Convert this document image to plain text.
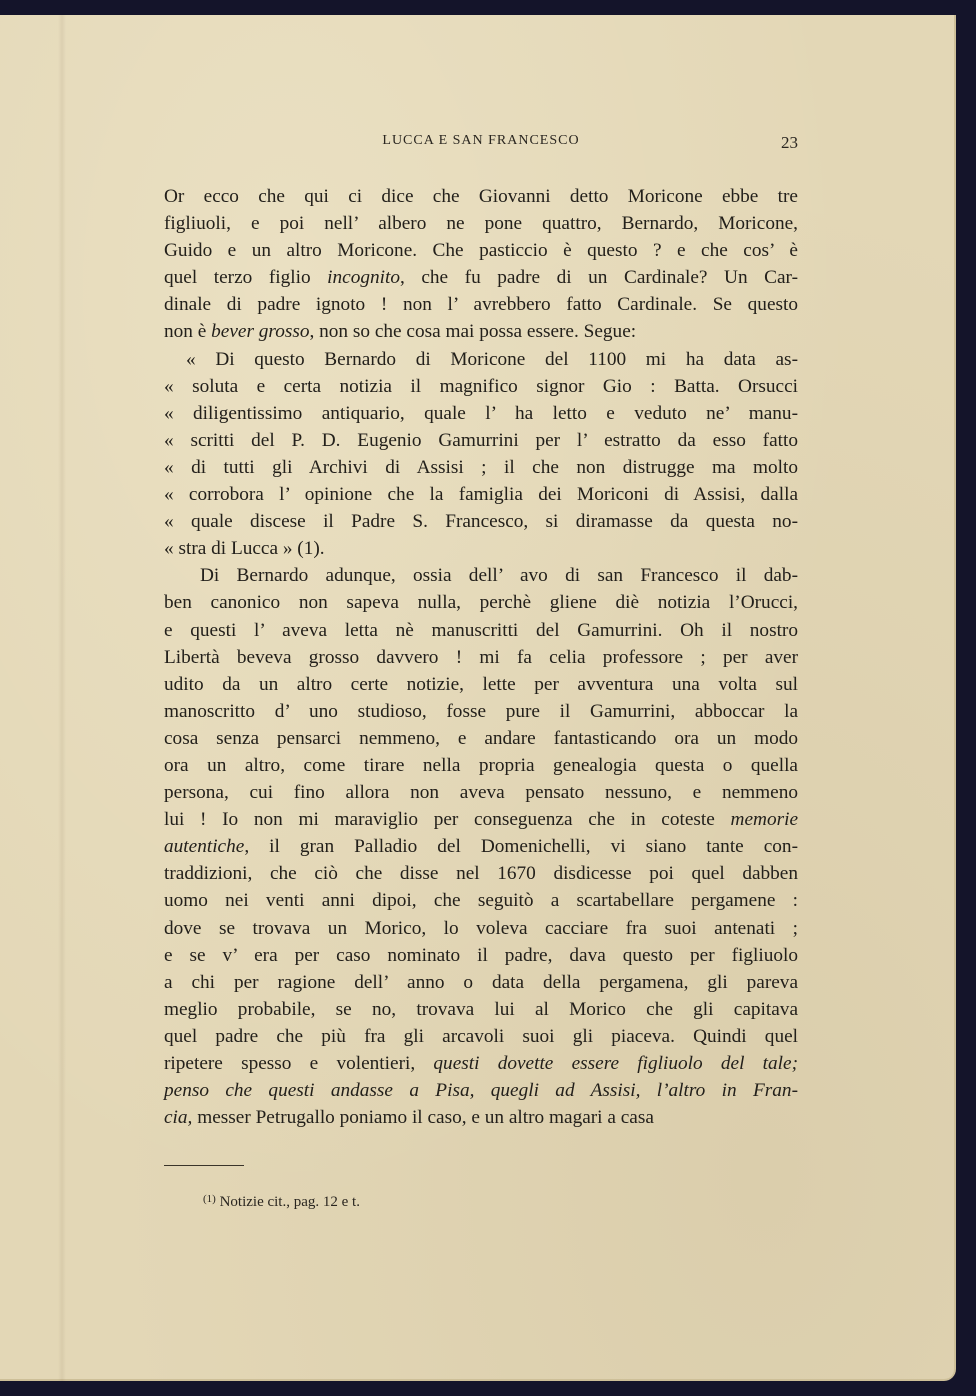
LUCCA E SAN FRANCESCO	23
Or ecco che qui ci dice che Giovanni detto Moricone ebbe tre
figliuoli, e poi nell’ albero ne pone quattro, Bernardo, Moricone,
Guido e un altro Moricone. Che pasticcio è questo ? e che cos’ è
quel terzo figlio incognito, che fu padre di un Cardinale? Un Car-
dinale di padre ignoto ! non l’ avrebbero fatto Cardinale. Se questo
non è bever grosso, non so che cosa mai possa essere. Segue:
« Di questo Bernardo di Moricone del 1100 mi ha data as-
« soluta e certa notizia il magnifico signor Gio : Batta. Orsucci
« diligentissimo antiquario, quale l’ ha letto e veduto ne’ manu-
« scritti del P. D. Eugenio Gamurrini per l’ estratto da esso fatto
« di tutti gli Archivi di Assisi ; il che non distrugge ma molto
« corrobora l’ opinione che la famiglia dei Moriconi di Assisi, dalla
« quale discese il Padre S. Francesco, si diramasse da questa no-
« stra di Lucca » (1).
Di Bernardo adunque, ossia dell’ avo di san Francesco il dab-
ben canonico non sapeva nulla, perchè gliene diè notizia l’Orucci,
e questi l’ aveva letta nè manuscritti del Gamurrini. Oh il nostro
Libertà beveva grosso davvero ! mi fa celia professore ; per aver
udito da un altro certe notizie, lette per avventura una volta sul
manoscritto d’ uno studioso, fosse pure il Gamurrini, abboccar la
cosa senza pensarci nemmeno, e andare fantasticando ora un modo
ora un altro, come tirare nella propria genealogia questa o quella
persona, cui fino allora non aveva pensato nessuno, e nemmeno
lui ! Io non mi maraviglio per conseguenza che in coteste memorie
autentiche, il gran Palladio del Domenichelli, vi siano tante con-
traddizioni, che ciò che disse nel 1670 disdicesse poi quel dabben
uomo nei venti anni dipoi, che seguitò a scartabellare pergamene :
dove se trovava un Morico, lo voleva cacciare fra suoi antenati ;
e se v’ era per caso nominato il padre, dava questo per figliuolo
a chi per ragione dell’ anno o data della pergamena, gli pareva
meglio probabile, se no, trovava lui al Morico che gli capitava
quel padre che più fra gli arcavoli suoi gli piaceva. Quindi quel
ripetere spesso e volentieri, questi dovette essere figliuolo del tale;
penso che questi andasse a Pisa, quegli ad Assisi, l’altro in Fran-
cia, messer Petrugallo poniamo il caso, e un altro magari a casa
$^{(1)}$ Notizie cit., pag. 12 e t.
